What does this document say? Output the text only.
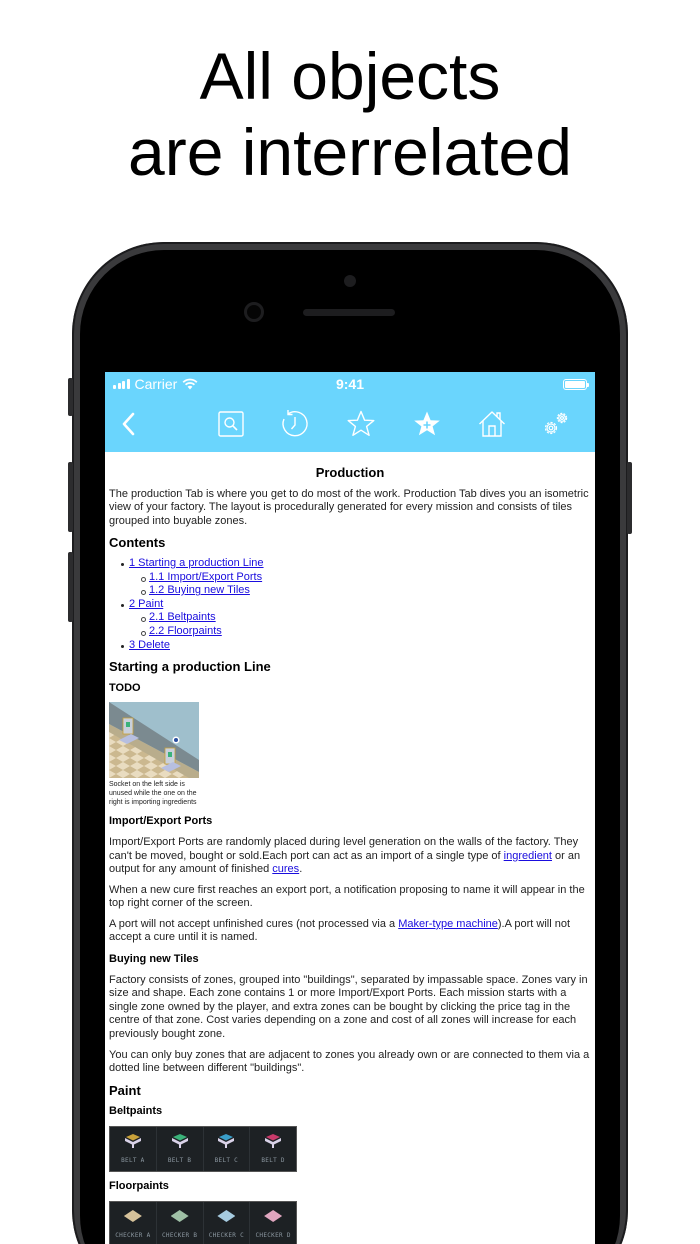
All objects
are interrelated
Carrier	9:41
Production

The production Tab is where you get to do most of the work. Production Tab dives you an isometric view of your factory. The layout is procedurally generated for every mission and consists of tiles grouped into buyable zones.

Contents
1 Starting a production Line
1.1 Import/Export Ports
1.2 Buying new Tiles
2 Paint
2.1 Beltpaints
2.2 Floorpaints
3 Delete
Starting a production Line
TODO
Socket on the left side is unused while the one on the right is importing ingredients
Import/Export Ports

Import/Export Ports are randomly placed during level generation on the walls of the factory. They can't be moved, bought or sold.Each port can act as an import of a single type of ingredient or an output for any amount of finished cures.

When a new cure first reaches an export port, a notification proposing to name it will appear in the top right corner of the screen.

A port will not accept unfinished cures (not processed via a Maker-type machine).A port will not accept a cure until it is named.

Buying new Tiles

Factory consists of zones, grouped into "buildings", separated by impassable space. Zones vary in size and shape. Each zone contains 1 or more Import/Export Ports. Each mission starts with a single zone owned by the player, and extra zones can be bought by clicking the price tag in the centre of that zone. Cost varies depending on a zone and cost of all zones will increase for each previously bought zone.

You can only buy zones that are adjacent to zones you already own or are connected to them via a dotted line between different "buildings".

Paint
Beltpaints
BELT A	BELT B	BELT C	BELT D
Floorpaints
CHECKER A CHECKER B CHECKER C CHECKER D
